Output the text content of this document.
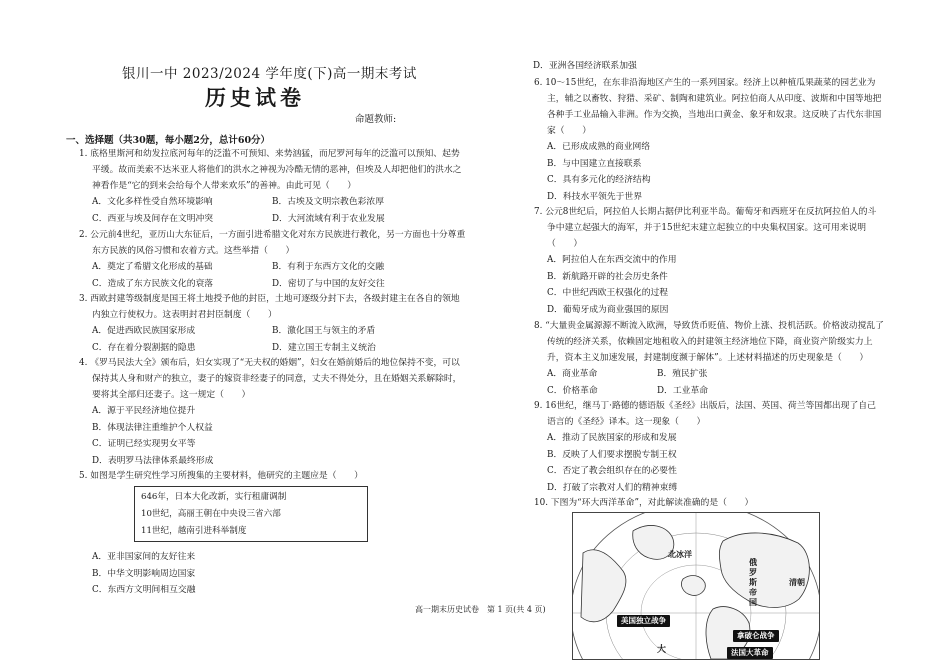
银川一中 2023/2024 学年度(下)高一期末考试
历史试卷
命题教师:
一、选择题（共30题，每小题2分，总计60分）
1. 底格里斯河和幼发拉底河每年的泛滥不可预知、来势汹猛，而尼罗河每年的泛滥可以预知、起势平缓。故而美索不达米亚人将他们的洪水之神视为冷酷无情的恶神，但埃及人却把他们的洪水之神看作是“它的到来会给每个人带来欢乐”的善神。由此可见（　　）
A．文化多样性受自然环境影响	B．古埃及文明宗教色彩浓厚
C．西亚与埃及间存在文明冲突	D．大河流域有利于农业发展
2. 公元前4世纪，亚历山大东征后，一方面引进希腊文化对东方民族进行教化，另一方面也十分尊重东方民族的风俗习惯和农着方式。这些举措（　　）
A．奠定了希腊文化形成的基础	B．有利于东西方文化的交融
C．造成了东方民族文化的衰落	D．密切了与中国的友好交往
3. 西欧封建等级制度是国王将土地授予他的封臣，土地可逐级分封下去，各级封建主在各自的领地内独立行使权力。这表明封君封臣制度（　　）
A．促进西欧民族国家形成	B．激化国王与领主的矛盾
C．存在着分裂割据的隐患	D．建立国王专制主义统治
4. 《罗马民法大全》颁布后，妇女实现了“无夫权的婚姻”，妇女在婚前婚后的地位保持不变，可以保持其人身和财产的独立，妻子的嫁资非经妻子的同意，丈夫不得处分，且在婚姻关系解除时，要将其全部归还妻子。这一规定（　　）
A．源于平民经济地位提升
B．体现法律注重维护个人权益
C．证明已经实现男女平等
D．表明罗马法律体系最终形成
5. 如图是学生研究性学习所搜集的主要材料，他研究的主题应是（　　）
646年，日本大化改新，实行租庸调制
10世纪，高丽王朝在中央设三省六部
11世纪，越南引进科举制度
A．亚非国家间的友好往来
B．中华文明影响周边国家
C．东西方文明间相互交融
D．亚洲各国经济联系加强
6. 10～15世纪，在东非沿海地区产生的一系列国家。经济上以种植瓜果蔬菜的园艺业为主，辅之以畜牧、狩猎、采矿、制陶和建筑业。阿拉伯商人从印度、波斯和中国等地把各种手工业品输入非洲。作为交换，当地出口黄金、象牙和奴隶。这反映了古代东非国家（　　）
A．已形成成熟的商业网络
B．与中国建立直接联系
C．具有多元化的经济结构
D．科技水平领先于世界
7. 公元8世纪后，阿拉伯人长期占据伊比利亚半岛。葡萄牙和西班牙在反抗阿拉伯人的斗争中建立起强大的海军，并于15世纪末建立起独立的中央集权国家。这可用来说明（　　）
A．阿拉伯人在东西交流中的作用
B．新航路开辟的社会历史条件
C．中世纪西欧王权强化的过程
D．葡萄牙成为商业强国的原因
8. “大量贵金属源源不断流入欧洲，导致货币贬值、物价上涨、投机活跃。价格波动搅乱了传统的经济关系，依赖固定地租收入的封建领主经济地位下降，商业资产阶级实力上升，资本主义加速发展，封建制度濒于解体”。上述材料描述的历史现象是（　　）
A．商业革命	B．殖民扩张
C．价格革命	D．工业革命
9. 16世纪，继马丁·路德的德语版《圣经》出版后，法国、英国、荷兰等国都出现了自己语言的《圣经》译本。这一现象（　　）
A．推动了民族国家的形成和发展
B．反映了人们要求摆脱专制王权
C．否定了教会组织存在的必要性
D．打破了宗教对人们的精神束缚
10. 下图为“环大西洋革命”，对此解读准确的是（　　）
北冰洋
俄罗斯帝国
清朝
大
美国独立战争
拿破仑战争
法国大革命
高一期末历史试卷　第 1 页(共 4 页)
